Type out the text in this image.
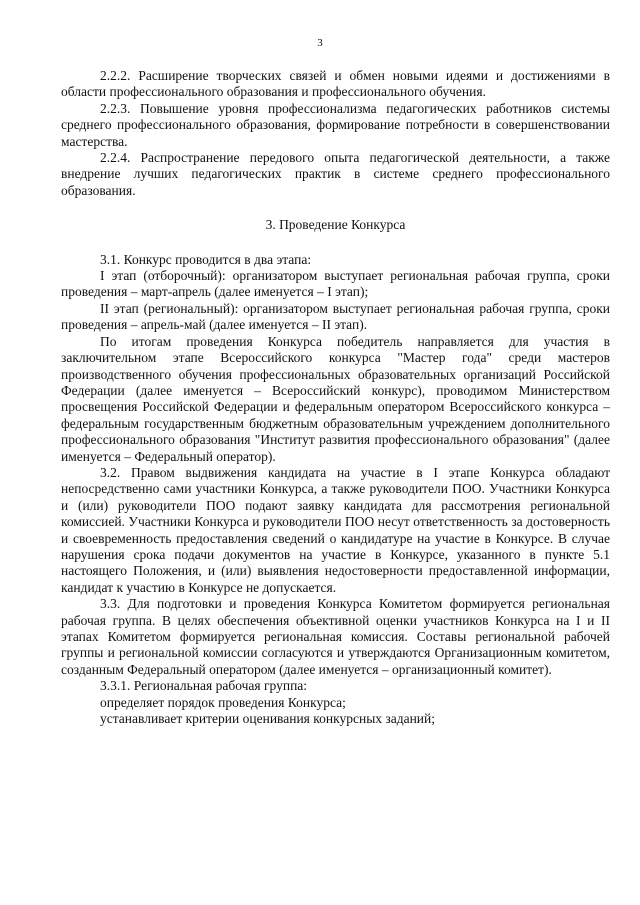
3

2.2.2. Расширение творческих связей и обмен новыми идеями и достижениями в области профессионального образования и профессионального обучения.

2.2.3. Повышение уровня профессионализма педагогических работников системы среднего профессионального образования, формирование потребности в совершенствовании мастерства.

2.2.4. Распространение передового опыта педагогической деятельности, а также внедрение лучших педагогических практик в системе среднего профессионального образования.

3. Проведение Конкурса

3.1. Конкурс проводится в два этапа:

I этап (отборочный): организатором выступает региональная рабочая группа, сроки проведения – март-апрель (далее именуется – I этап);

II этап (региональный): организатором выступает региональная рабочая группа, сроки проведения – апрель-май (далее именуется – II этап).

По итогам проведения Конкурса победитель направляется для участия в заключительном этапе Всероссийского конкурса "Мастер года" среди мастеров производственного обучения профессиональных образовательных организаций Российской Федерации (далее именуется – Всероссийский конкурс), проводимом Министерством просвещения Российской Федерации и федеральным оператором Всероссийского конкурса – федеральным государственным бюджетным образовательным учреждением дополнительного профессионального образования "Институт развития профессионального образования" (далее именуется – Федеральный оператор).

3.2. Правом выдвижения кандидата на участие в I этапе Конкурса обладают непосредственно сами участники Конкурса, а также руководители ПОО. Участники Конкурса и (или) руководители ПОО подают заявку кандидата для рассмотрения региональной комиссией. Участники Конкурса и руководители ПОО несут ответственность за достоверность и своевременность предоставления сведений о кандидатуре на участие в Конкурсе. В случае нарушения срока подачи документов на участие в Конкурсе, указанного в пункте 5.1 настоящего Положения, и (или) выявления недостоверности предоставленной информации, кандидат к участию в Конкурсе не допускается.

3.3. Для подготовки и проведения Конкурса Комитетом формируется региональная рабочая группа. В целях обеспечения объективной оценки участников Конкурса на I и II этапах Комитетом формируется региональная комиссия. Составы региональной рабочей группы и региональной комиссии согласуются и утверждаются Организационным комитетом, созданным Федеральный оператором (далее именуется – организационный комитет).

3.3.1. Региональная рабочая группа:

определяет порядок проведения Конкурса;

устанавливает критерии оценивания конкурсных заданий;
